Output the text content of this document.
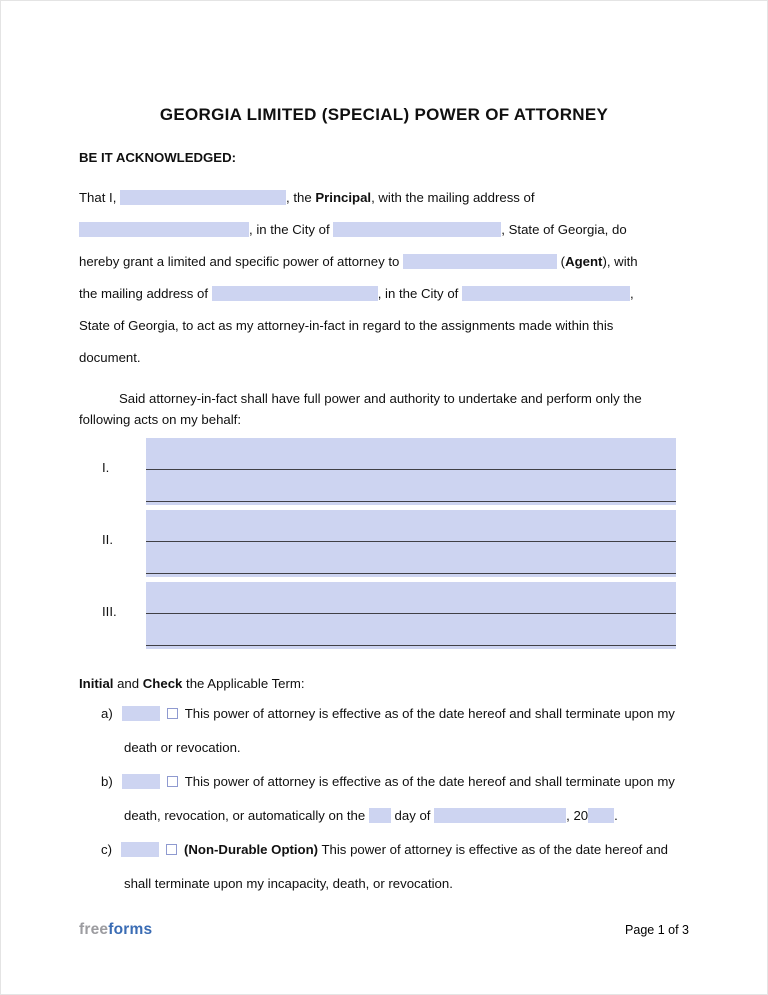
GEORGIA LIMITED (SPECIAL) POWER OF ATTORNEY

BE IT ACKNOWLEDGED:

That I,	, the Principal, with the mailing address of
, in the City of	, State of Georgia, do
hereby grant a limited and specific power of attorney to	(Agent), with
the mailing address of	, in the City of	,
State of Georgia, to act as my attorney-in-fact in regard to the assignments made within this
document.

Said attorney-in-fact shall have full power and authority to undertake and perform only the following acts on my behalf:

I.
II.
III.
Initial and Check the Applicable Term:
a)	This power of attorney is effective as of the date hereof and shall terminate upon my death or revocation.
b)	This power of attorney is effective as of the date hereof and shall terminate upon my death, revocation, or automatically on the  day of	, 20 .
c)	(Non-Durable Option) This power of attorney is effective as of the date hereof and shall terminate upon my incapacity, death, or revocation.
freeforms	Page 1 of 3
